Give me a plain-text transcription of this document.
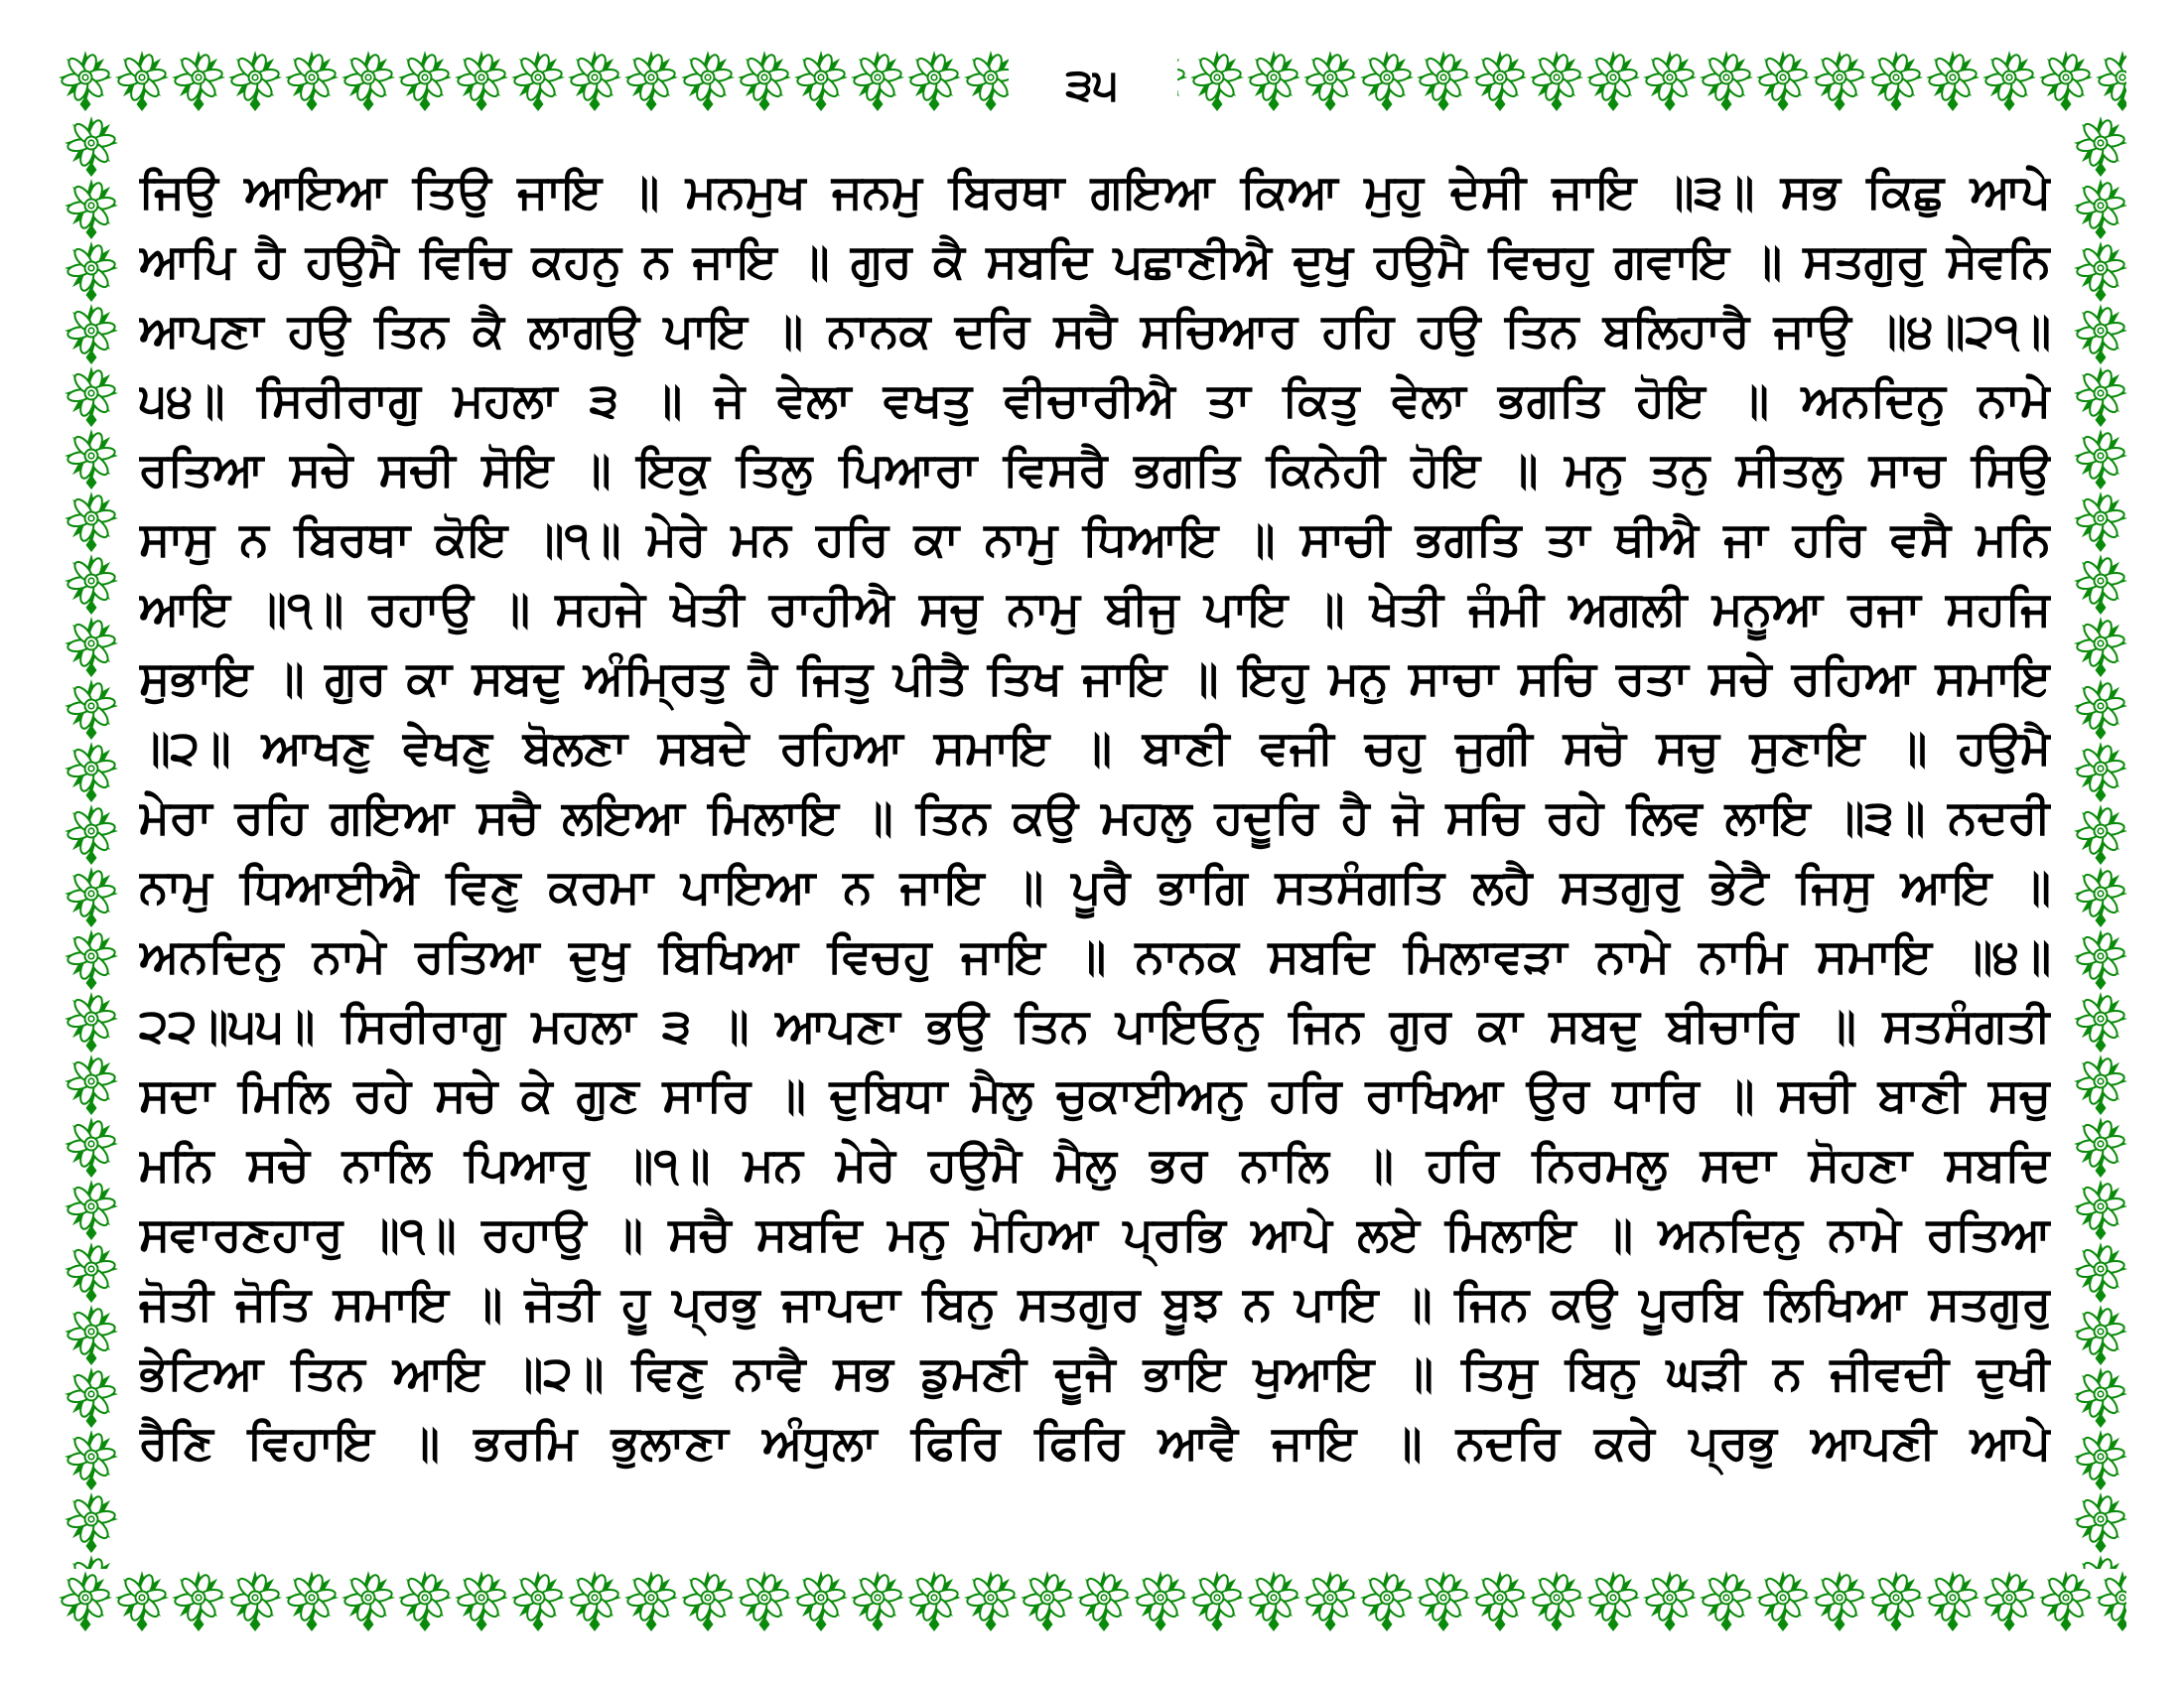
੩੫
ਜਿਉ ਆਇਆ ਤਿਉ ਜਾਇ ॥ ਮਨਮੁਖ ਜਨਮੁ ਬਿਰਥਾ ਗਇਆ ਕਿਆ ਮੁਹੁ ਦੇਸੀ ਜਾਇ ॥੩॥ ਸਭ ਕਿਛੁ ਆਪੇ
ਆਪਿ ਹੈ ਹਉਮੈ ਵਿਚਿ ਕਹਨੁ ਨ ਜਾਇ ॥ ਗੁਰ ਕੈ ਸਬਦਿ ਪਛਾਣੀਐ ਦੁਖੁ ਹਉਮੈ ਵਿਚਹੁ ਗਵਾਇ ॥ ਸਤਗੁਰੁ ਸੇਵਨਿ
ਆਪਣਾ ਹਉ ਤਿਨ ਕੈ ਲਾਗਉ ਪਾਇ ॥ ਨਾਨਕ ਦਰਿ ਸਚੈ ਸਚਿਆਰ ਹਹਿ ਹਉ ਤਿਨ ਬਲਿਹਾਰੈ ਜਾਉ ॥੪॥੨੧॥
੫੪॥ ਸਿਰੀਰਾਗੁ ਮਹਲਾ ੩ ॥ ਜੇ ਵੇਲਾ ਵਖਤੁ ਵੀਚਾਰੀਐ ਤਾ ਕਿਤੁ ਵੇਲਾ ਭਗਤਿ ਹੋਇ ॥ ਅਨਦਿਨੁ ਨਾਮੇ
ਰਤਿਆ ਸਚੇ ਸਚੀ ਸੋਇ ॥ ਇਕੁ ਤਿਲੁ ਪਿਆਰਾ ਵਿਸਰੈ ਭਗਤਿ ਕਿਨੇਹੀ ਹੋਇ ॥ ਮਨੁ ਤਨੁ ਸੀਤਲੁ ਸਾਚ ਸਿਉ
ਸਾਸੁ ਨ ਬਿਰਥਾ ਕੋਇ ॥੧॥ ਮੇਰੇ ਮਨ ਹਰਿ ਕਾ ਨਾਮੁ ਧਿਆਇ ॥ ਸਾਚੀ ਭਗਤਿ ਤਾ ਥੀਐ ਜਾ ਹਰਿ ਵਸੈ ਮਨਿ
ਆਇ ॥੧॥ ਰਹਾਉ ॥ ਸਹਜੇ ਖੇਤੀ ਰਾਹੀਐ ਸਚੁ ਨਾਮੁ ਬੀਜੁ ਪਾਇ ॥ ਖੇਤੀ ਜੰਮੀ ਅਗਲੀ ਮਨੂਆ ਰਜਾ ਸਹਜਿ
ਸੁਭਾਇ ॥ ਗੁਰ ਕਾ ਸਬਦੁ ਅੰਮ੍ਰਿਤੁ ਹੈ ਜਿਤੁ ਪੀਤੈ ਤਿਖ ਜਾਇ ॥ ਇਹੁ ਮਨੁ ਸਾਚਾ ਸਚਿ ਰਤਾ ਸਚੇ ਰਹਿਆ ਸਮਾਇ
॥੨॥ ਆਖਣੁ ਵੇਖਣੁ ਬੋਲਣਾ ਸਬਦੇ ਰਹਿਆ ਸਮਾਇ ॥ ਬਾਣੀ ਵਜੀ ਚਹੁ ਜੁਗੀ ਸਚੋ ਸਚੁ ਸੁਣਾਇ ॥ ਹਉਮੈ
ਮੇਰਾ ਰਹਿ ਗਇਆ ਸਚੈ ਲਇਆ ਮਿਲਾਇ ॥ ਤਿਨ ਕਉ ਮਹਲੁ ਹਦੂਰਿ ਹੈ ਜੋ ਸਚਿ ਰਹੇ ਲਿਵ ਲਾਇ ॥੩॥ ਨਦਰੀ
ਨਾਮੁ ਧਿਆਈਐ ਵਿਣੁ ਕਰਮਾ ਪਾਇਆ ਨ ਜਾਇ ॥ ਪੂਰੈ ਭਾਗਿ ਸਤਸੰਗਤਿ ਲਹੈ ਸਤਗੁਰੁ ਭੇਟੈ ਜਿਸੁ ਆਇ ॥
ਅਨਦਿਨੁ ਨਾਮੇ ਰਤਿਆ ਦੁਖੁ ਬਿਖਿਆ ਵਿਚਹੁ ਜਾਇ ॥ ਨਾਨਕ ਸਬਦਿ ਮਿਲਾਵੜਾ ਨਾਮੇ ਨਾਮਿ ਸਮਾਇ ॥੪॥
੨੨॥੫੫॥ ਸਿਰੀਰਾਗੁ ਮਹਲਾ ੩ ॥ ਆਪਣਾ ਭਉ ਤਿਨ ਪਾਇਓਨੁ ਜਿਨ ਗੁਰ ਕਾ ਸਬਦੁ ਬੀਚਾਰਿ ॥ ਸਤਸੰਗਤੀ
ਸਦਾ ਮਿਲਿ ਰਹੇ ਸਚੇ ਕੇ ਗੁਣ ਸਾਰਿ ॥ ਦੁਬਿਧਾ ਮੈਲੁ ਚੁਕਾਈਅਨੁ ਹਰਿ ਰਾਖਿਆ ਉਰ ਧਾਰਿ ॥ ਸਚੀ ਬਾਣੀ ਸਚੁ
ਮਨਿ ਸਚੇ ਨਾਲਿ ਪਿਆਰੁ ॥੧॥ ਮਨ ਮੇਰੇ ਹਉਮੈ ਮੈਲੁ ਭਰ ਨਾਲਿ ॥ ਹਰਿ ਨਿਰਮਲੁ ਸਦਾ ਸੋਹਣਾ ਸਬਦਿ
ਸਵਾਰਣਹਾਰੁ ॥੧॥ ਰਹਾਉ ॥ ਸਚੈ ਸਬਦਿ ਮਨੁ ਮੋਹਿਆ ਪ੍ਰਭਿ ਆਪੇ ਲਏ ਮਿਲਾਇ ॥ ਅਨਦਿਨੁ ਨਾਮੇ ਰਤਿਆ
ਜੋਤੀ ਜੋਤਿ ਸਮਾਇ ॥ ਜੋਤੀ ਹੂ ਪ੍ਰਭੁ ਜਾਪਦਾ ਬਿਨੁ ਸਤਗੁਰ ਬੂਝ ਨ ਪਾਇ ॥ ਜਿਨ ਕਉ ਪੂਰਬਿ ਲਿਖਿਆ ਸਤਗੁਰੁ
ਭੇਟਿਆ ਤਿਨ ਆਇ ॥੨॥ ਵਿਣੁ ਨਾਵੈ ਸਭ ਡੁਮਣੀ ਦੂਜੈ ਭਾਇ ਖੁਆਇ ॥ ਤਿਸੁ ਬਿਨੁ ਘੜੀ ਨ ਜੀਵਦੀ ਦੁਖੀ
ਰੈਣਿ ਵਿਹਾਇ ॥ ਭਰਮਿ ਭੁਲਾਣਾ ਅੰਧੁਲਾ ਫਿਰਿ ਫਿਰਿ ਆਵੈ ਜਾਇ ॥ ਨਦਰਿ ਕਰੇ ਪ੍ਰਭੁ ਆਪਣੀ ਆਪੇ
